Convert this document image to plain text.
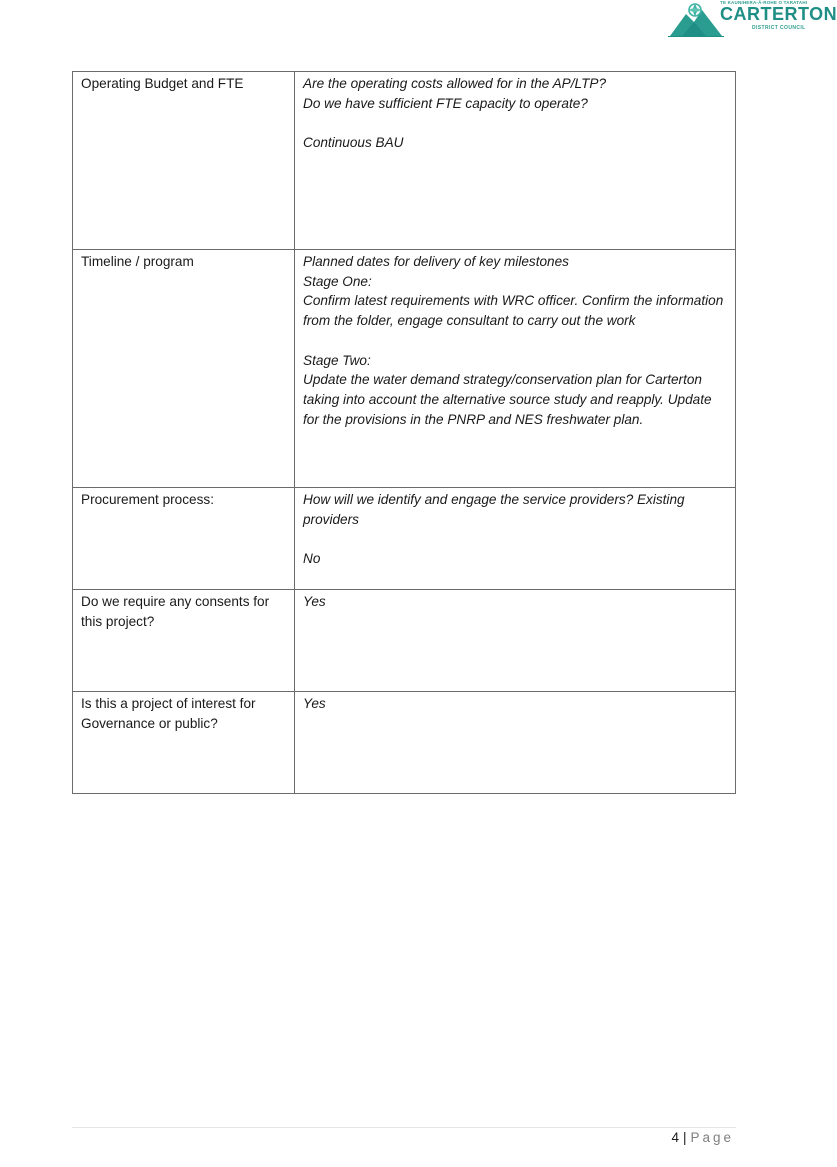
TE KAUNIHERA-Ā-ROHE O TARATAHI
CARTERTON
DISTRICT COUNCIL
Operating Budget and FTE	Are the operating costs allowed for in the AP/LTP?
Do we have sufficient FTE capacity to operate?
Continuous BAU

Timeline / program	Planned dates for delivery of key milestones
Stage One:
Confirm latest requirements with WRC officer. Confirm the information from the folder, engage consultant to carry out the work
Stage Two:
Update the water demand strategy/conservation plan for Carterton taking into account the alternative source study and reapply. Update for the provisions in the PNRP and NES freshwater plan.

Procurement process:	How will we identify and engage the service providers? Existing providers
No

Do we require any consents for this project?	Yes

Is this a project of interest for Governance or public?	Yes
4 | Page
